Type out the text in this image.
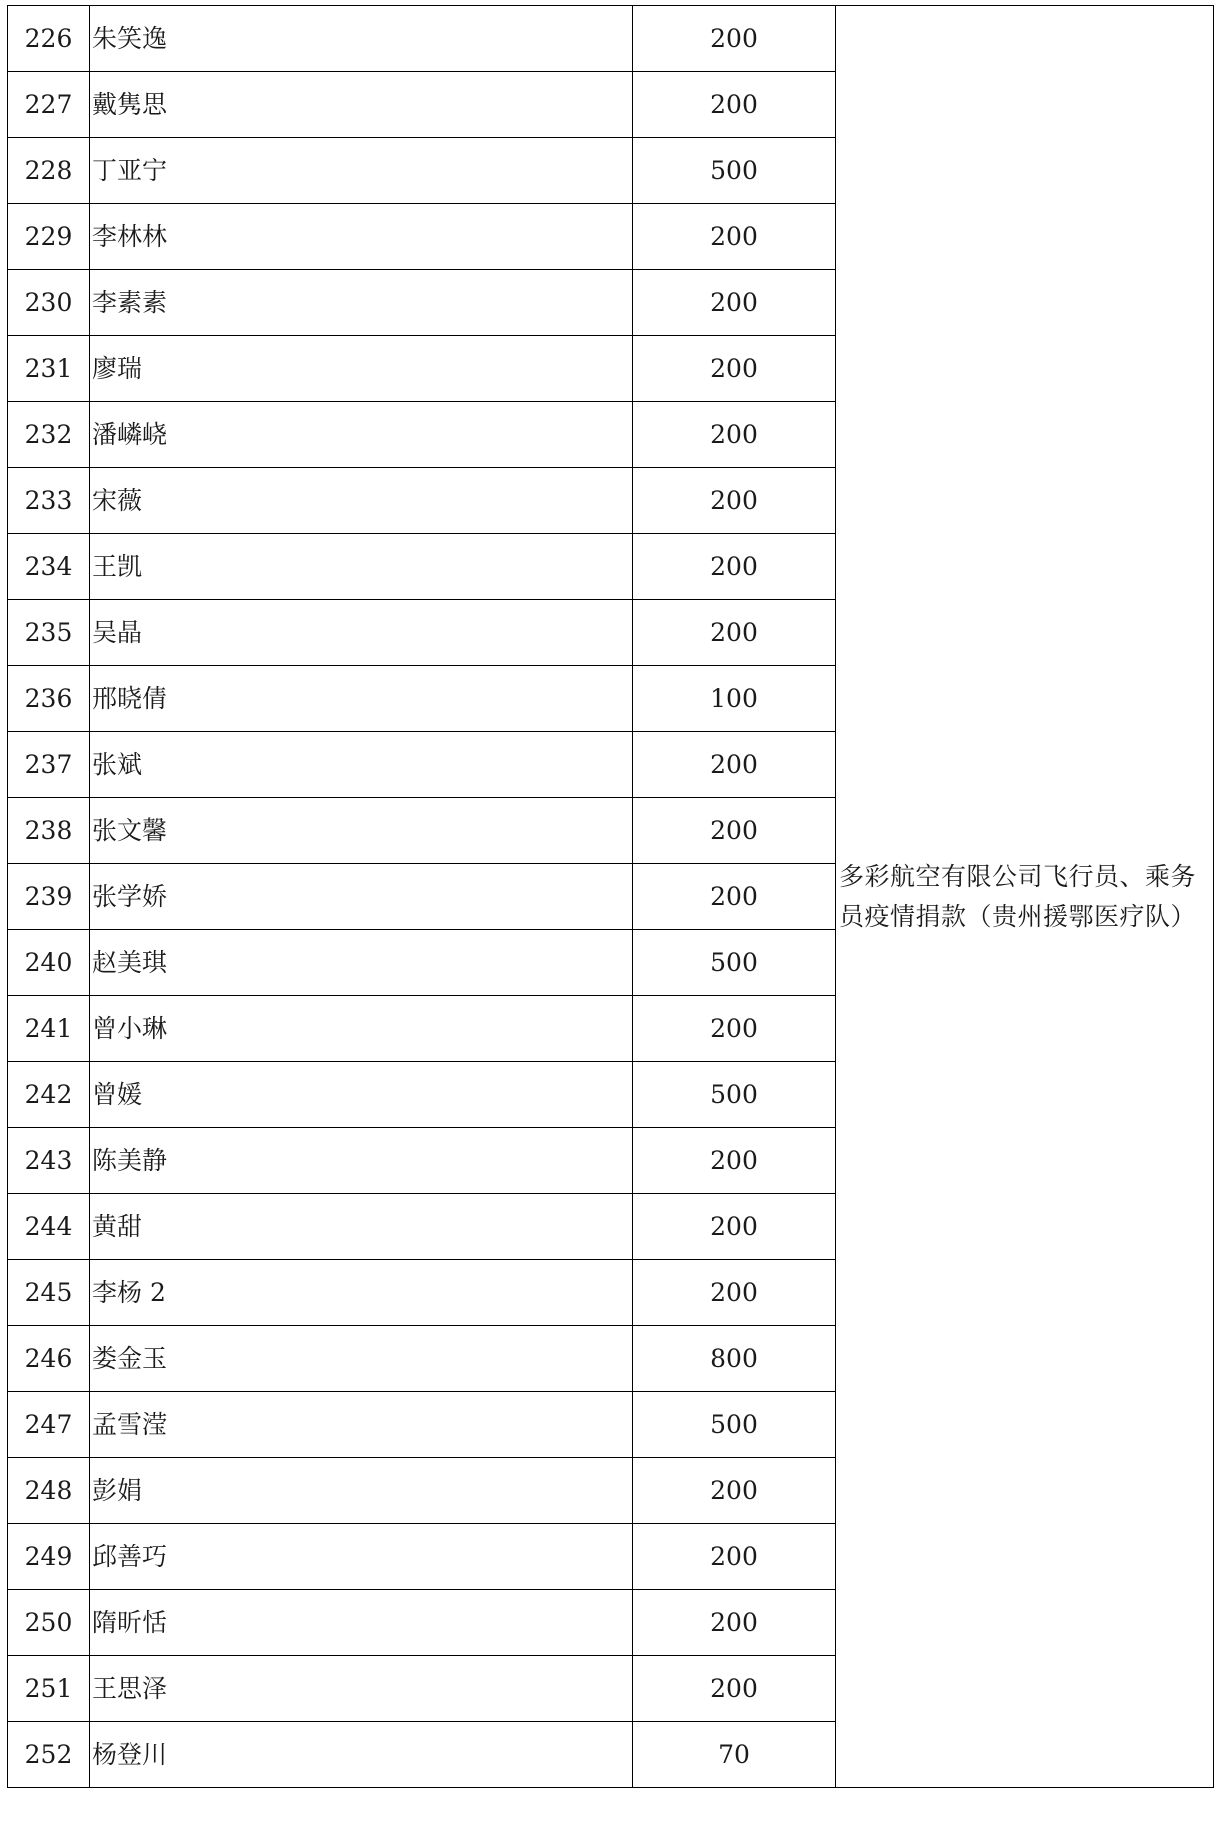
226	朱笑逸	200	多彩航空有限公司飞行员、乘务员疫情捐款（贵州援鄂医疗队）
227	戴隽思	200	
228	丁亚宁	500	
229	李林林	200	
230	李素素	200	
231	廖瑞	200	
232	潘嶙峣	200	
233	宋薇	200	
234	王凯	200	
235	吴晶	200	
236	邢晓倩	100	
237	张斌	200	
238	张文馨	200	
239	张学娇	200	
240	赵美琪	500	
241	曾小琳	200	
242	曾媛	500	
243	陈美静	200	
244	黄甜	200	
245	李杨 2	200	
246	娄金玉	800	
247	孟雪滢	500	
248	彭娟	200	
249	邱善巧	200	
250	隋昕恬	200	
251	王思泽	200	
252	杨登川	70	
